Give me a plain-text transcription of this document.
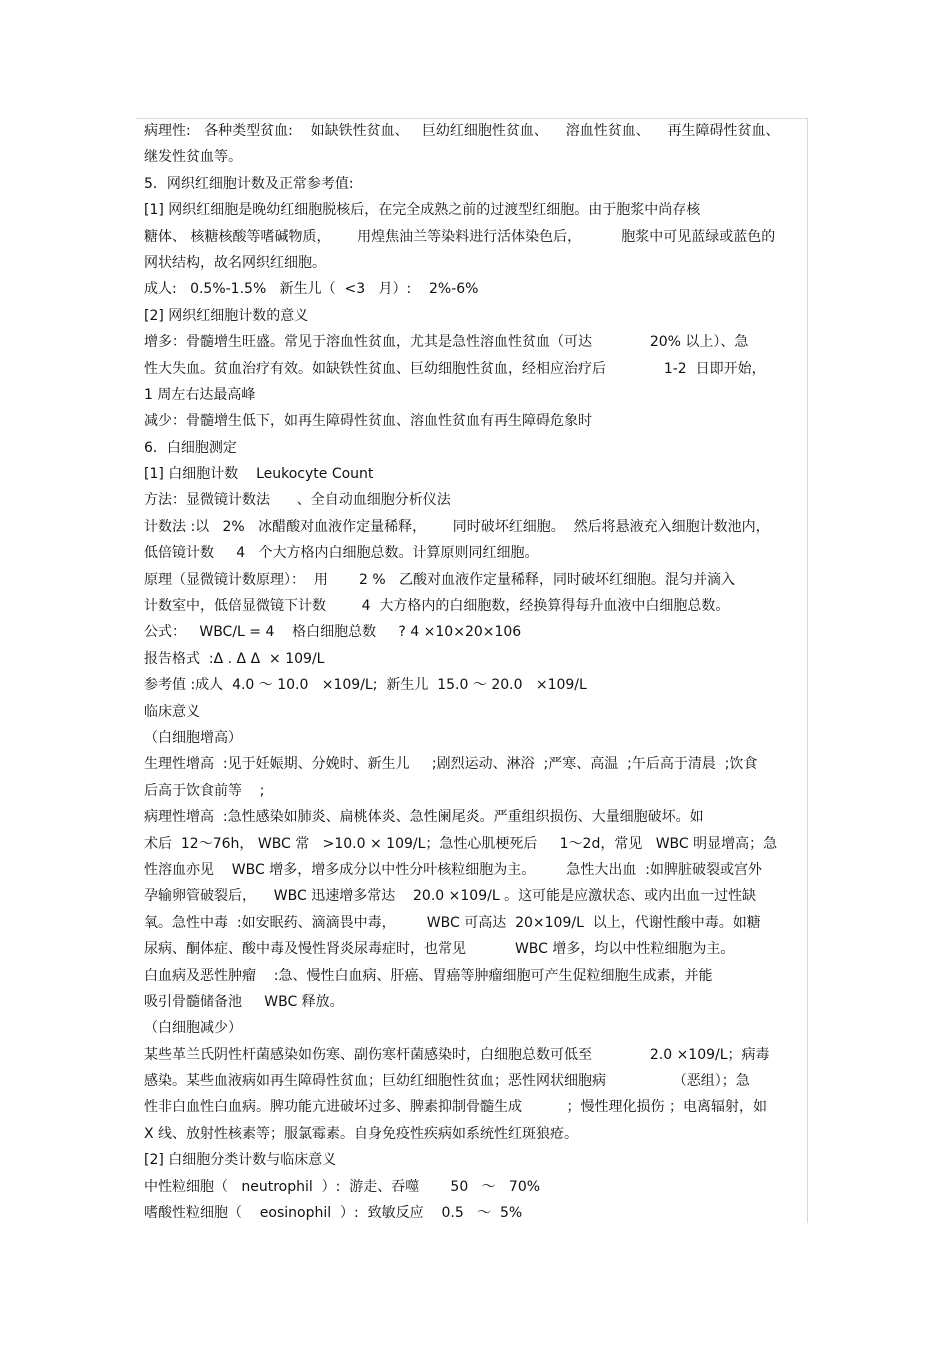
病理性:   各种类型贫血:    如缺铁性贫血、   巨幼红细胞性贫血、    溶血性贫血、    再生障碍性贫血、
继发性贫血等。
5．网织红细胞计数及正常参考值:
[1] 网织红细胞是晚幼红细胞脱核后，在完全成熟之前的过渡型红细胞。由于胞浆中尚存核
糖体、 核糖核酸等嗜碱物质，      用煌焦油兰等染料进行活体染色后，         胞浆中可见蓝绿或蓝色的
网状结构，故名网织红细胞。
成人:   0.5%-1.5%   新生儿（  <3   月）:    2%-6%
[2] 网织红细胞计数的意义
增多：骨髓增生旺盛。常见于溶血性贫血，尤其是急性溶血性贫血（可达             20% 以上）、急
性大失血。贫血治疗有效。如缺铁性贫血、巨幼细胞性贫血，经相应治疗后             1-2  日即开始，
1 周左右达最高峰
减少：骨髓增生低下，如再生障碍性贫血、溶血性贫血有再生障碍危象时
6．白细胞测定
[1] 白细胞计数    Leukocyte Count
方法：显微镜计数法      、全自动血细胞分析仪法
计数法 :以   2%   冰醋酸对血液作定量稀释，      同时破坏红细胞。  然后将悬液充入细胞计数池内，
低倍镜计数     4   个大方格内白细胞总数。计算原则同红细胞。
原理（显微镜计数原理）：  用       2 %   乙酸对血液作定量稀释，同时破坏红细胞。混匀并滴入
计数室中，低倍显微镜下计数        4  大方格内的白细胞数，经换算得每升血液中白细胞总数。
公式：   WBC/L = 4    格白细胞总数     ? 4 ×10×20×106
报告格式  :Δ . Δ Δ  × 109/L
参考值 :成人  4.0 ～ 10.0   ×109/L;  新生儿  15.0 ～ 20.0   ×109/L
临床意义
（白细胞增高）
生理性增高  :见于妊娠期、分娩时、新生儿     ;剧烈运动、淋浴  ;严寒、高温  ;午后高于清晨  ;饮食
后高于饮食前等    ;
病理性增高  :急性感染如肺炎、扁桃体炎、急性阑尾炎。严重组织损伤、大量细胞破坏。如
术后  12～76h， WBC 常   >10.0 × 109/L；急性心肌梗死后     1～2d，常见   WBC 明显增高；急
性溶血亦见    WBC 增多，增多成分以中性分叶核粒细胞为主。       急性大出血  :如脾脏破裂或宫外
孕输卵管破裂后，    WBC 迅速增多常达    20.0 ×109/L 。这可能是应激状态、或内出血一过性缺
氧。急性中毒  :如安眠药、滴滴畏中毒，       WBC 可高达  20×109/L  以上，代谢性酸中毒。如糖
尿病、酮体症、酸中毒及慢性肾炎尿毒症时，也常见           WBC 增多，均以中性粒细胞为主。
白血病及恶性肿瘤    :急、慢性白血病、肝癌、胃癌等肿瘤细胞可产生促粒细胞生成素，并能
吸引骨髓储备池     WBC 释放。
（白细胞减少）
某些革兰氏阴性杆菌感染如伤寒、副伤寒杆菌感染时，白细胞总数可低至             2.0 ×109/L；病毒
感染。某些血液病如再生障碍性贫血；巨幼红细胞性贫血；恶性网状细胞病               （恶组）；急
性非白血性白血病。脾功能亢进破坏过多、脾素抑制骨髓生成          ；慢性理化损伤 ；电离辐射，如
X 线、放射性核素等；服氯霉素。自身免疫性疾病如系统性红斑狼疮。
[2] 白细胞分类计数与临床意义
中性粒细胞（   neutrophil  ）:  游走、吞噬       50   ～   70%
嗜酸性粒细胞（    eosinophil  ）:  致敏反应    0.5   ～  5%
